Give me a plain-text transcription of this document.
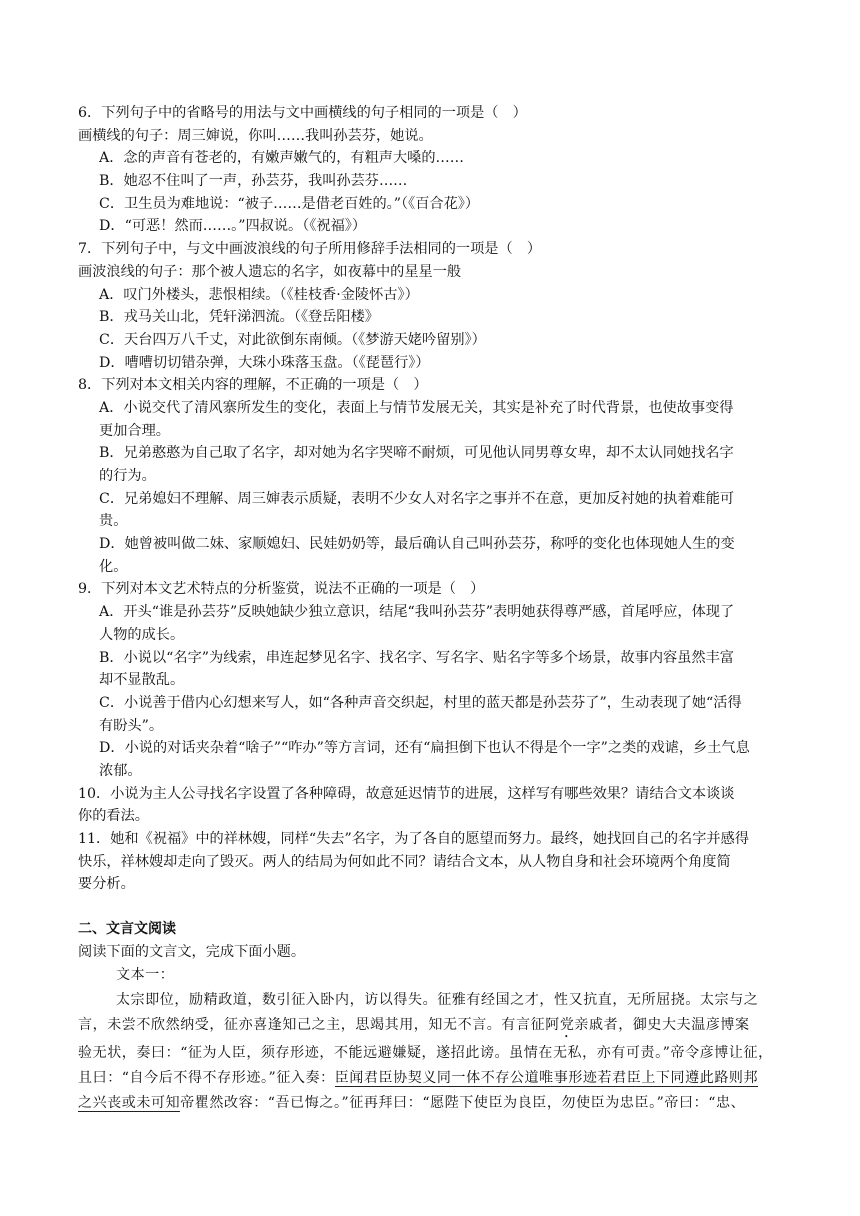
6．下列句子中的省略号的用法与文中画横线的句子相同的一项是（　）
画横线的句子：周三婶说，你叫……我叫孙芸芬，她说。
A．念的声音有苍老的，有嫩声嫩气的，有粗声大嗓的……
B．她忍不住叫了一声，孙芸芬，我叫孙芸芬……
C．卫生员为难地说：“被子……是借老百姓的。”（《百合花》）
D．“可恶！然而……。”四叔说。（《祝福》）
7．下列句子中，与文中画波浪线的句子所用修辞手法相同的一项是（　）
画波浪线的句子：那个被人遗忘的名字，如夜幕中的星星一般
A．叹门外楼头，悲恨相续。（《桂枝香·金陵怀古》）
B．戎马关山北，凭轩涕泗流。（《登岳阳楼》
C．天台四万八千丈，对此欲倒东南倾。（《梦游天姥吟留别》）
D．嘈嘈切切错杂弹，大珠小珠落玉盘。（《琵琶行》）
8．下列对本文相关内容的理解，不正确的一项是（　）
A．小说交代了清风寨所发生的变化，表面上与情节发展无关，其实是补充了时代背景，也使故事变得
更加合理。
B．兄弟憨憨为自己取了名字，却对她为名字哭啼不耐烦，可见他认同男尊女卑，却不太认同她找名字
的行为。
C．兄弟媳妇不理解、周三婶表示质疑，表明不少女人对名字之事并不在意，更加反衬她的执着难能可
贵。
D．她曾被叫做二妹、家顺媳妇、民娃奶奶等，最后确认自己叫孙芸芬，称呼的变化也体现她人生的变
化。
9．下列对本文艺术特点的分析鉴赏，说法不正确的一项是（　）
A．开头“谁是孙芸芬”反映她缺少独立意识，结尾“我叫孙芸芬”表明她获得尊严感，首尾呼应，体现了
人物的成长。
B．小说以“名字”为线索，串连起梦见名字、找名字、写名字、贴名字等多个场景，故事内容虽然丰富
却不显散乱。
C．小说善于借内心幻想来写人，如“各种声音交织起，村里的蓝天都是孙芸芬了”，生动表现了她“活得
有盼头”。
D．小说的对话夹杂着“啥子”“咋办”等方言词，还有“扁担倒下也认不得是个一字”之类的戏谑，乡土气息
浓郁。
10．小说为主人公寻找名字设置了各种障碍，故意延迟情节的进展，这样写有哪些效果？请结合文本谈谈
你的看法。
11．她和《祝福》中的祥林嫂，同样“失去”名字，为了各自的愿望而努力。最终，她找回自己的名字并感得
快乐，祥林嫂却走向了毁灭。两人的结局为何如此不同？请结合文本，从人物自身和社会环境两个角度简
要分析。
二、文言文阅读
阅读下面的文言文，完成下面小题。
文本一：
太宗即位，励精政道，数引征入卧内，访以得失。征雅有经国之才，性又抗直，无所屈挠。太宗与之
言，未尝不欣然纳受，征亦喜逢知己之主，思竭其用，知无不言。有言征阿党亲戚者，御史大夫温彦博案
验无状，奏曰：“征为人臣，须存形迹，不能远避嫌疑，遂招此谤。虽情在无私，亦有可责。”帝令彦博让征，
且曰：“自今后不得不存形迹。”征入奏：臣闻君臣协契义同一体不存公道唯事形迹若君臣上下同遵此路则邦
之兴丧或未可知帝瞿然改容：“吾已悔之。”征再拜曰：“愿陛下使臣为良臣，勿使臣为忠臣。”帝曰：“忠、
